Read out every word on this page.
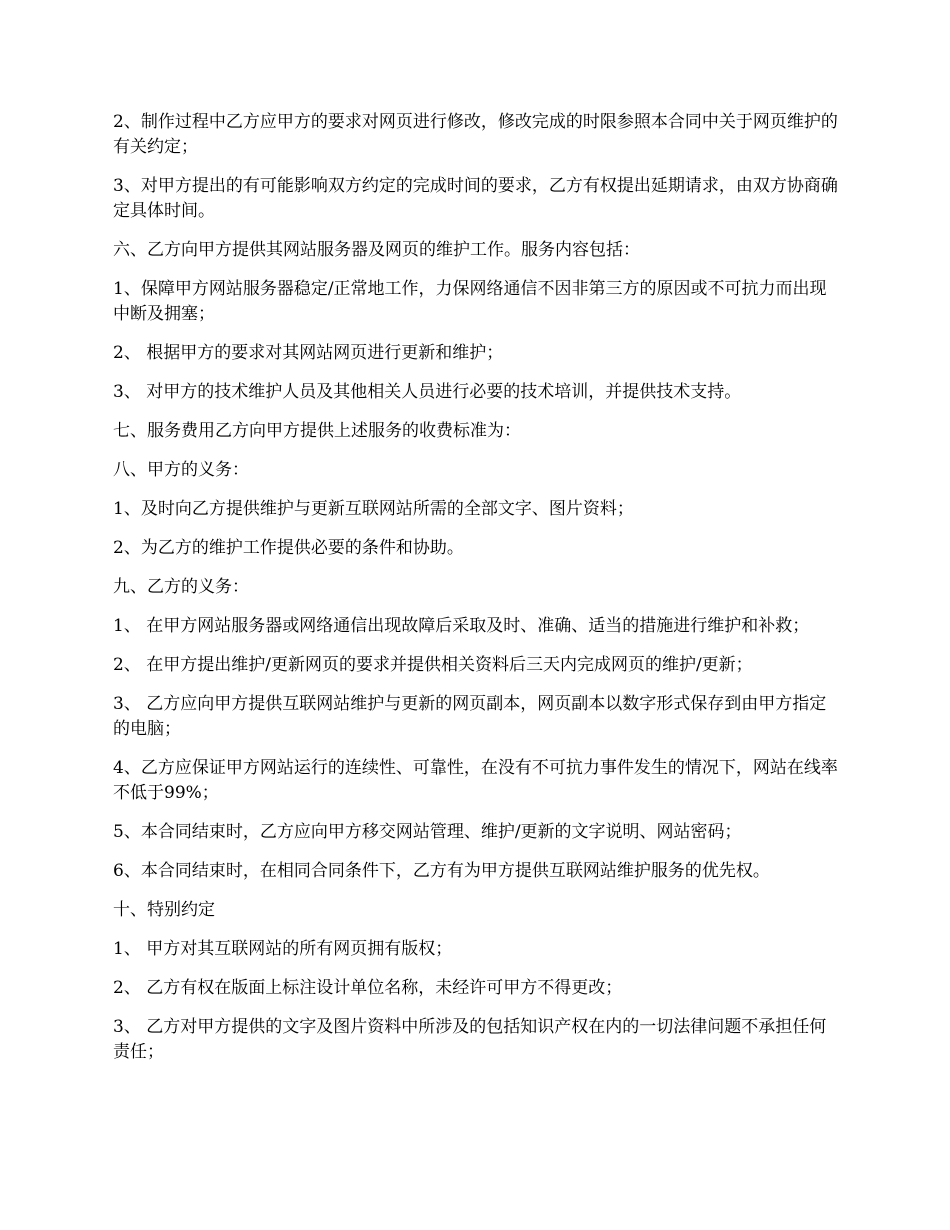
2、制作过程中乙方应甲方的要求对网页进行修改，修改完成的时限参照本合同中关于网页维护的有关约定；

3、对甲方提出的有可能影响双方约定的完成时间的要求，乙方有权提出延期请求，由双方协商确定具体时间。

六、乙方向甲方提供其网站服务器及网页的维护工作。服务内容包括：

1、保障甲方网站服务器稳定/正常地工作，力保网络通信不因非第三方的原因或不可抗力而出现中断及拥塞；

2、 根据甲方的要求对其网站网页进行更新和维护；

3、 对甲方的技术维护人员及其他相关人员进行必要的技术培训，并提供技术支持。

七、服务费用乙方向甲方提供上述服务的收费标准为：

八、甲方的义务：

1、及时向乙方提供维护与更新互联网站所需的全部文字、图片资料；

2、为乙方的维护工作提供必要的条件和协助。

九、乙方的义务：

1、 在甲方网站服务器或网络通信出现故障后采取及时、准确、适当的措施进行维护和补救；

2、 在甲方提出维护/更新网页的要求并提供相关资料后三天内完成网页的维护/更新；

3、 乙方应向甲方提供互联网站维护与更新的网页副本，网页副本以数字形式保存到由甲方指定的电脑；

4、乙方应保证甲方网站运行的连续性、可靠性，在没有不可抗力事件发生的情况下，网站在线率不低于99%；

5、本合同结束时，乙方应向甲方移交网站管理、维护/更新的文字说明、网站密码；

6、本合同结束时，在相同合同条件下，乙方有为甲方提供互联网站维护服务的优先权。

十、特别约定

1、 甲方对其互联网站的所有网页拥有版权；

2、 乙方有权在版面上标注设计单位名称，未经许可甲方不得更改；

3、 乙方对甲方提供的文字及图片资料中所涉及的包括知识产权在内的一切法律问题不承担任何责任；
